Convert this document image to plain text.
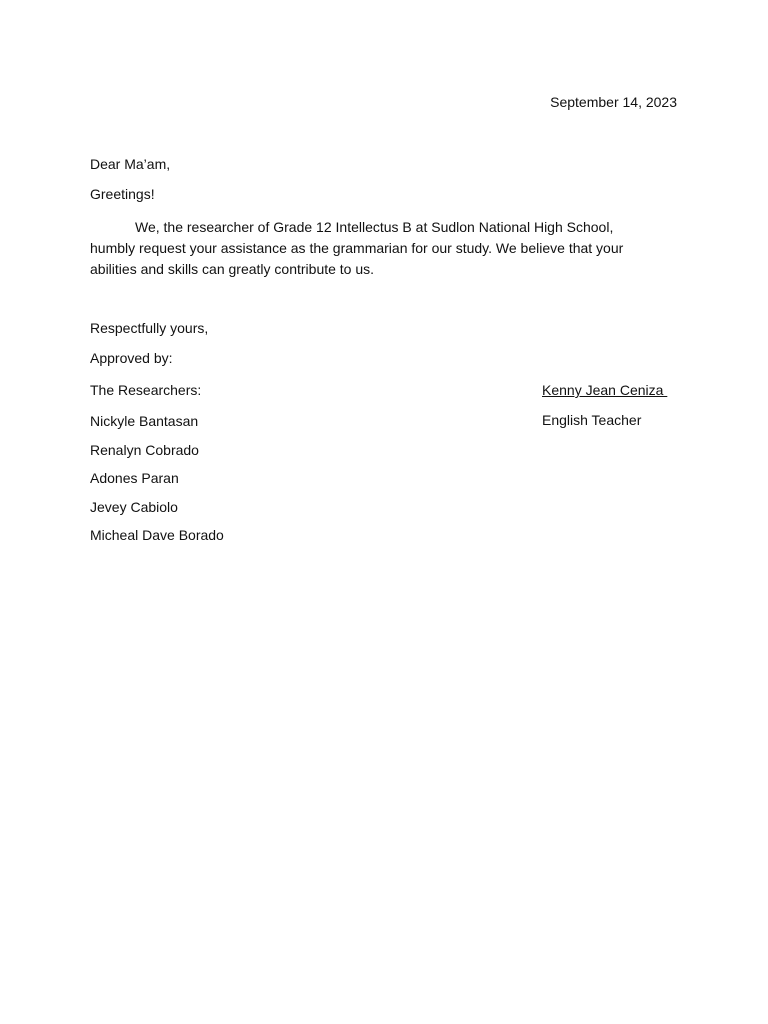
September 14, 2023
Dear Ma’am,
Greetings!

We, the researcher of Grade 12 Intellectus B at Sudlon National High School, humbly request your assistance as the grammarian for our study. We believe that your abilities and skills can greatly contribute to us.

Respectfully yours,
Approved by:
The Researchers:
Nickyle Bantasan
Renalyn Cobrado
Adones Paran
Jevey Cabiolo
Micheal Dave Borado
Kenny Jean Ceniza
English Teacher
